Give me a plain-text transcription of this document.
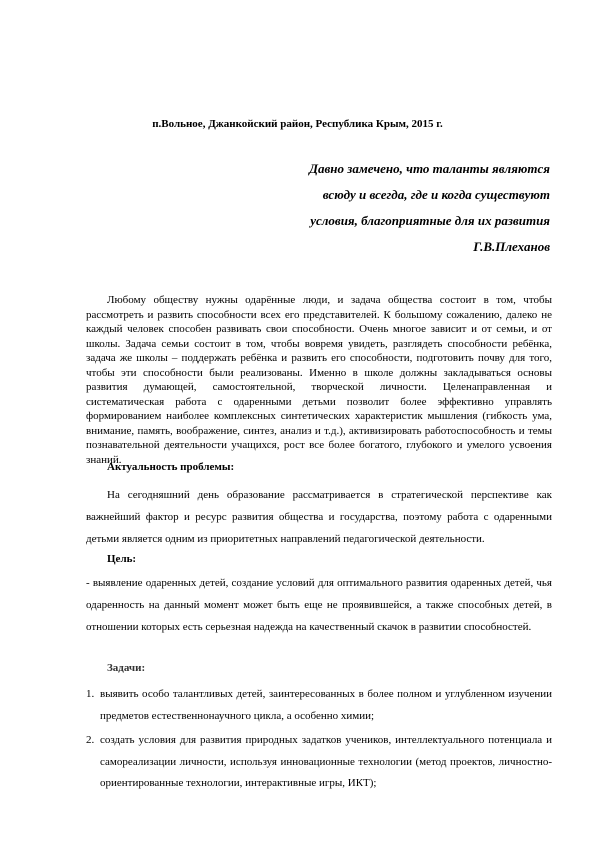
п.Вольное, Джанкойский район, Республика Крым, 2015 г.
Давно замечено, что таланты являются
всюду и всегда, где и когда существуют
условия, благоприятные для их развития
Г.В.Плеханов
Любому обществу нужны одарённые люди, и задача общества состоит в том, чтобы рассмотреть и развить способности всех его представителей. К большому сожалению, далеко не каждый человек способен развивать свои способности. Очень многое зависит и от семьи, и от школы. Задача семьи состоит в том, чтобы вовремя увидеть, разглядеть способности ребёнка, задача же школы – поддержать ребёнка и развить его способности, подготовить почву для того, чтобы эти способности были реализованы. Именно в школе должны закладываться основы развития думающей, самостоятельной, творческой личности. Целенаправленная и систематическая работа с одаренными детьми позволит более эффективно управлять формированием наиболее комплексных синтетических характеристик мышления (гибкость ума, внимание, память, воображение, синтез, анализ и т.д.), активизировать работоспособность и темы познавательной деятельности учащихся, рост все более богатого, глубокого и умелого усвоения знаний.
Актуальность проблемы:
На сегодняшний день образование рассматривается в стратегической перспективе как важнейший фактор и ресурс развития общества и государства, поэтому работа с одаренными детьми является одним из приоритетных направлений педагогической деятельности.
Цель:
- выявление одаренных детей, создание условий для оптимального развития одаренных детей, чья одаренность на данный момент может быть еще не проявившейся, а также способных детей, в отношении которых есть серьезная надежда на качественный скачок в развитии способностей.
Задачи:
1. выявить особо талантливых детей, заинтересованных в более полном и углубленном изучении предметов естественнонаучного цикла, а особенно химии;
2. создать условия для развития природных задатков учеников, интеллектуального потенциала и самореализации личности, используя инновационные технологии (метод проектов, личностно-ориентированные технологии, интерактивные игры, ИКТ);
